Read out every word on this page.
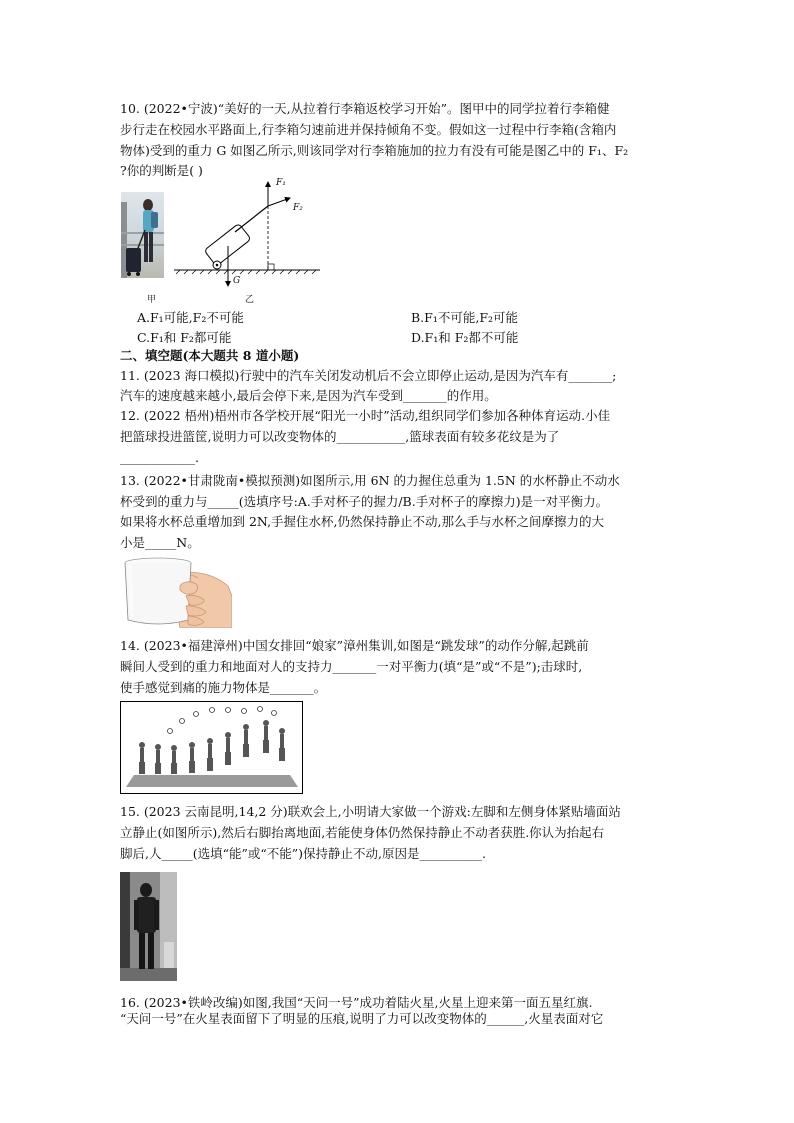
10. (2022•宁波)“美好的一天,从拉着行李箱返校学习开始”。图甲中的同学拉着行李箱健
步行走在校园水平路面上,行李箱匀速前进并保持倾角不变。假如这一过程中行李箱(含箱内
物体)受到的重力 G 如图乙所示,则该同学对行李箱施加的拉力有没有可能是图乙中的 F₁、F₂
?你的判断是( )
甲
F₁
F₂
G
乙
A.F₁可能,F₂不可能	B.F₁不可能,F₂可能
C.F₁和 F₂都可能	D.F₁和 F₂都不可能
二、填空题(本大题共 8 道小题)
11. (2023 海口模拟)行驶中的汽车关闭发动机后不会立即停止运动,是因为汽车有_______;
汽车的速度越来越小,最后会停下来,是因为汽车受到_______的作用。
12. (2022 梧州)梧州市各学校开展“阳光一小时”活动,组织同学们参加各种体育运动.小佳
把篮球投进篮筐,说明力可以改变物体的___________,篮球表面有较多花纹是为了
____________.
13. (2022•甘肃陇南•模拟预测)如图所示,用 6N 的力握住总重为 1.5N 的水杯静止不动水
杯受到的重力与_____(选填序号:A.手对杯子的握力/B.手对杯子的摩擦力)是一对平衡力。
如果将水杯总重增加到 2N,手握住水杯,仍然保持静止不动,那么手与水杯之间摩擦力的大
小是_____N。
14. (2023•福建漳州)中国女排回“娘家”漳州集训,如图是“跳发球”的动作分解,起跳前
瞬间人受到的重力和地面对人的支持力_______一对平衡力(填“是”或“不是”);击球时,
使手感觉到痛的施力物体是_______。
15. (2023 云南昆明,14,2 分)联欢会上,小明请大家做一个游戏:左脚和左侧身体紧贴墙面站
立静止(如图所示),然后右脚抬离地面,若能使身体仍然保持静止不动者获胜.你认为抬起右
脚后,人_____(选填“能”或“不能”)保持静止不动,原因是__________.
16. (2023•铁岭改编)如图,我国“天问一号”成功着陆火星,火星上迎来第一面五星红旗.
“天问一号”在火星表面留下了明显的压痕,说明了力可以改变物体的______,火星表面对它
